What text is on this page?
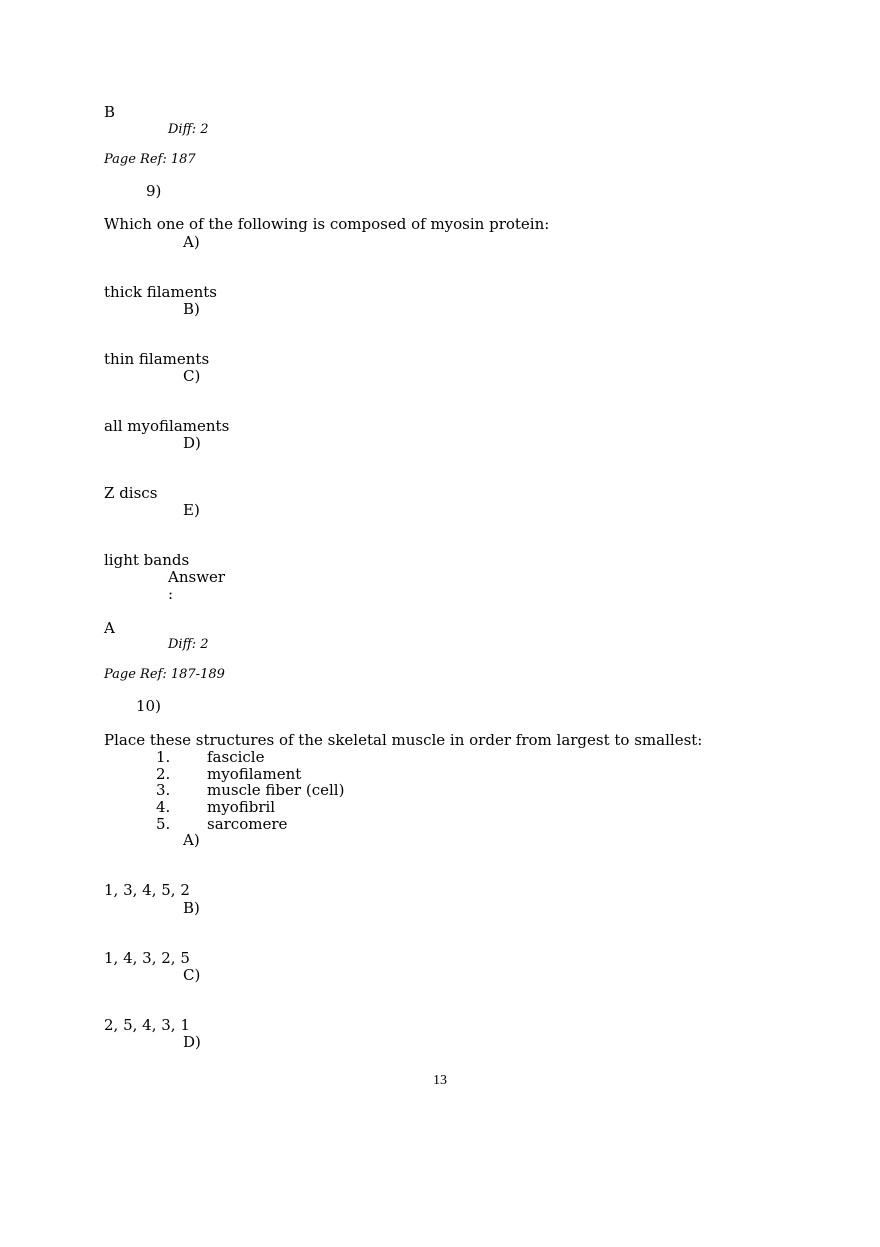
B
Diff: 2
Page Ref: 187
9)
Which one of the following is composed of myosin protein:
A)
thick filaments
B)
thin filaments
C)
all myofilaments
D)
Z discs
E)
light bands
Answer
:
A
Diff: 2
Page Ref: 187-189
10)
Place these structures of the skeletal muscle in order from largest to smallest:
1. fascicle
2. myofilament
3. muscle fiber (cell)
4. myofibril
5. sarcomere
A)
1, 3, 4, 5, 2
B)
1, 4, 3, 2, 5
C)
2, 5, 4, 3, 1
D)
13
